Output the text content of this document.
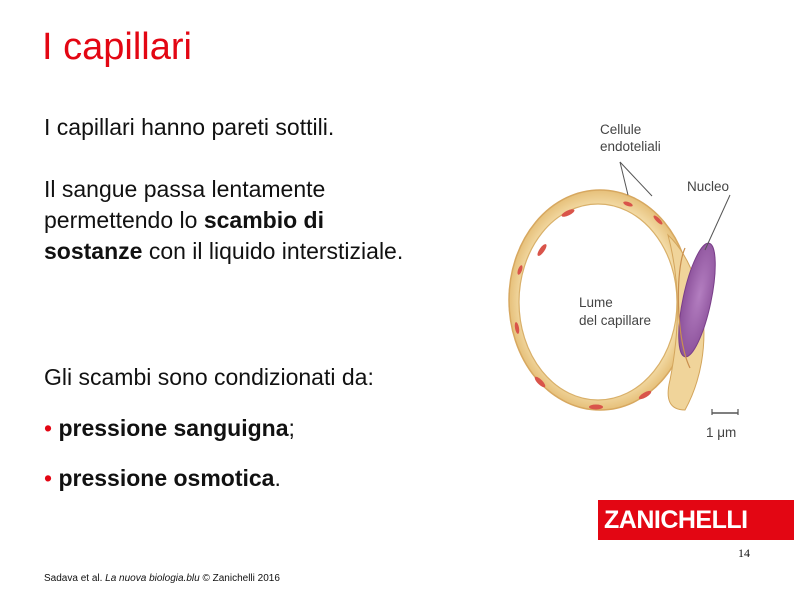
I capillari

I capillari hanno pareti sottili.

Il sangue passa lentamente permettendo lo scambio di sostanze con il liquido interstiziale.

Gli scambi sono condizionati da:

• pressione sanguigna;

• pressione osmotica.

Cellule
endoteliali
Nucleo
Lume
del capillare
1 μm
ZANICHELLI
14
Sadava et al. La nuova biologia.blu © Zanichelli 2016
